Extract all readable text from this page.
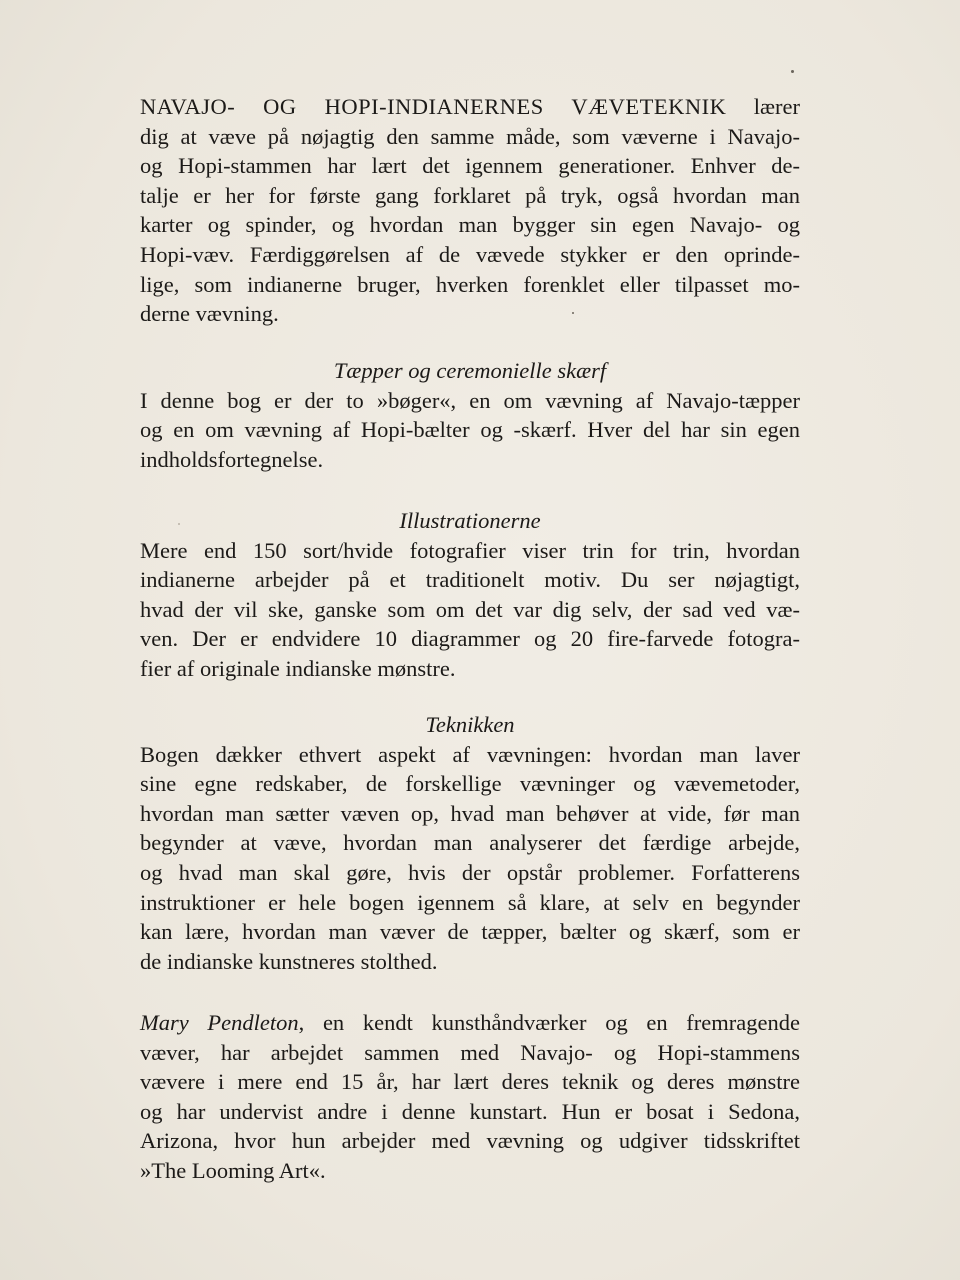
NAVAJO- OG HOPI-INDIANERNES VÆVETEKNIK lærer
dig at væve på nøjagtig den samme måde, som væverne i Navajo-
og Hopi-stammen har lært det igennem generationer. Enhver de-
talje er her for første gang forklaret på tryk, også hvordan man
karter og spinder, og hvordan man bygger sin egen Navajo- og
Hopi-væv. Færdiggørelsen af de vævede stykker er den oprinde-
lige, som indianerne bruger, hverken forenklet eller tilpasset mo-
derne vævning.
Tæpper og ceremonielle skærf
I denne bog er der to »bøger«, en om vævning af Navajo-tæpper
og en om vævning af Hopi-bælter og -skærf. Hver del har sin egen
indholdsfortegnelse.
Illustrationerne
Mere end 150 sort/hvide fotografier viser trin for trin, hvordan
indianerne arbejder på et traditionelt motiv. Du ser nøjagtigt,
hvad der vil ske, ganske som om det var dig selv, der sad ved væ-
ven. Der er endvidere 10 diagrammer og 20 fire-farvede fotogra-
fier af originale indianske mønstre.
Teknikken
Bogen dækker ethvert aspekt af vævningen: hvordan man laver
sine egne redskaber, de forskellige vævninger og vævemetoder,
hvordan man sætter væven op, hvad man behøver at vide, før man
begynder at væve, hvordan man analyserer det færdige arbejde,
og hvad man skal gøre, hvis der opstår problemer. Forfatterens
instruktioner er hele bogen igennem så klare, at selv en begynder
kan lære, hvordan man væver de tæpper, bælter og skærf, som er
de indianske kunstneres stolthed.
Mary Pendleton, en kendt kunsthåndværker og en fremragende
væver, har arbejdet sammen med Navajo- og Hopi-stammens
vævere i mere end 15 år, har lært deres teknik og deres mønstre
og har undervist andre i denne kunstart. Hun er bosat i Sedona,
Arizona, hvor hun arbejder med vævning og udgiver tidsskriftet
»The Looming Art«.
